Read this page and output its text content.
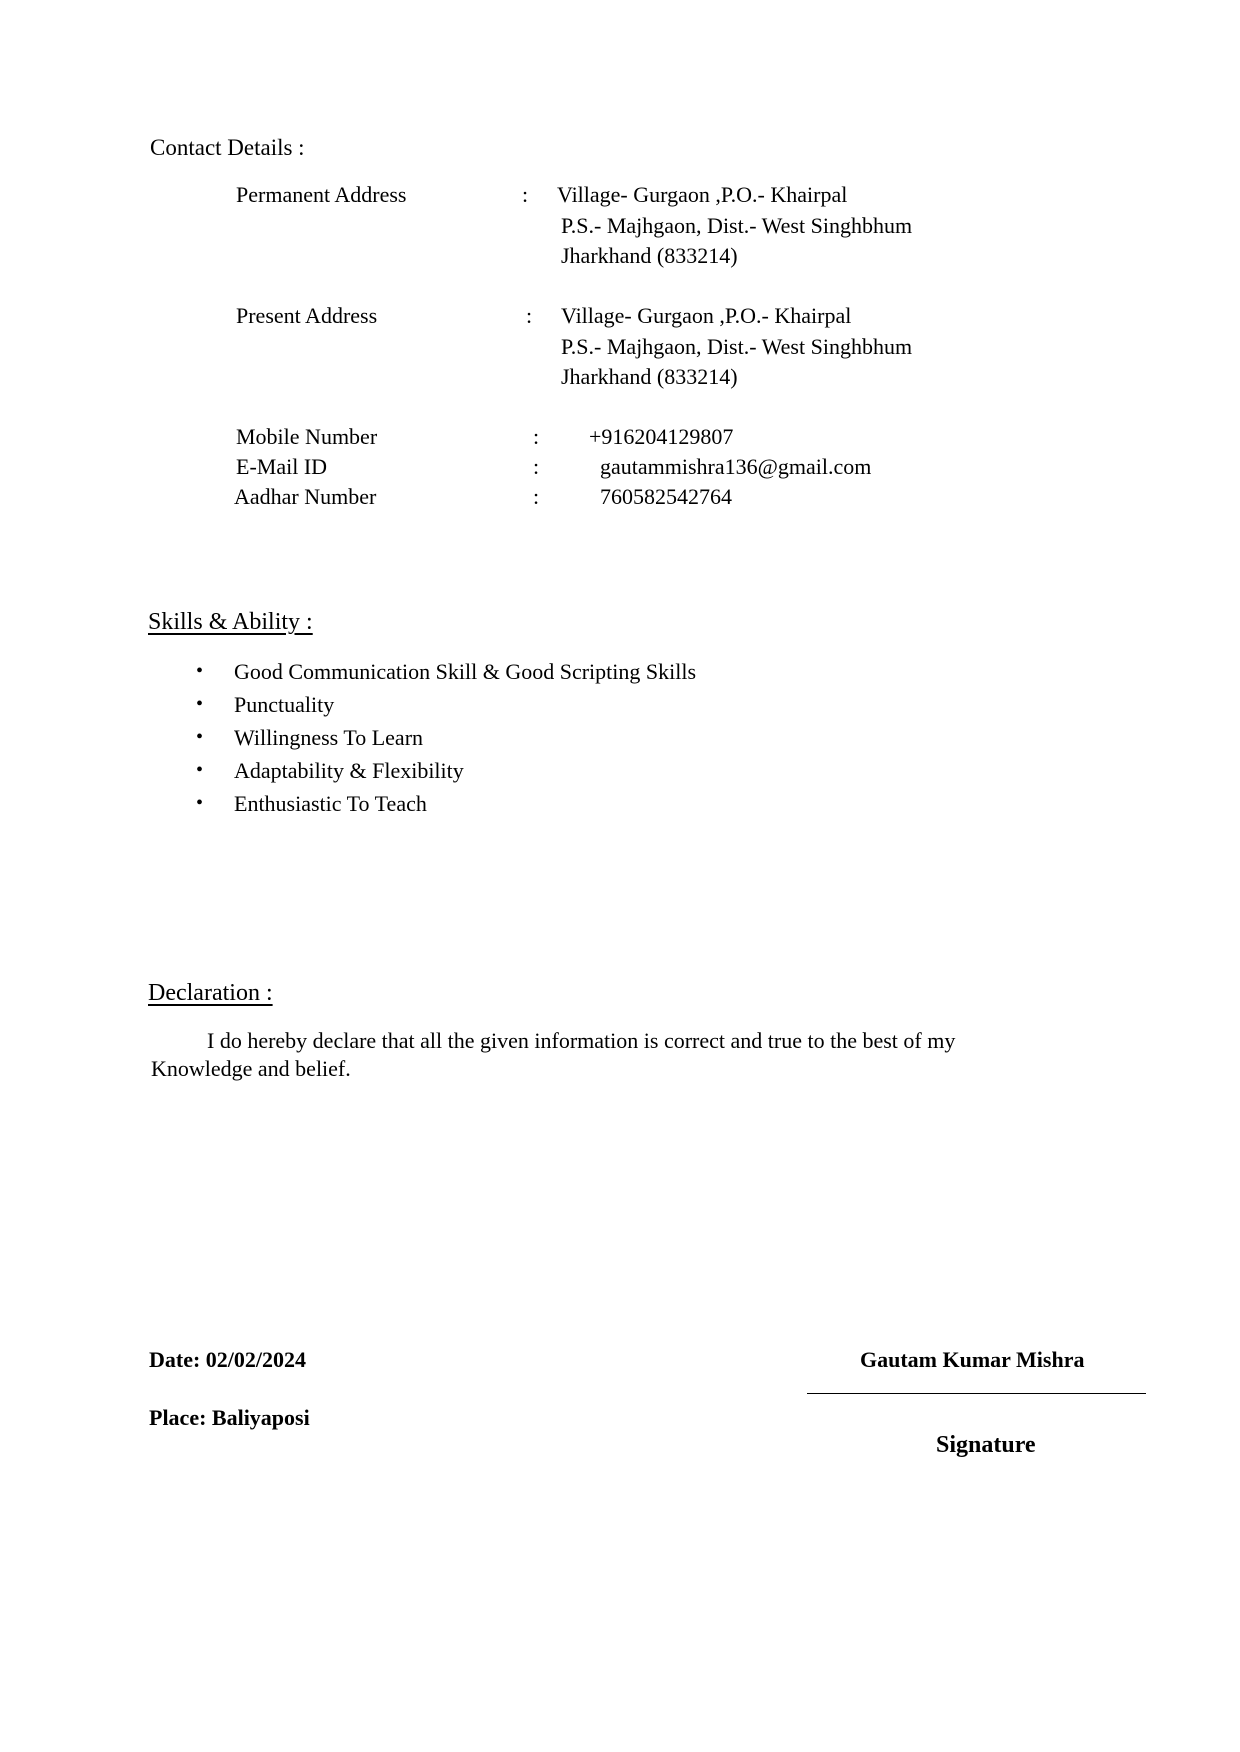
Contact Details :
Permanent Address	: Village- Gurgaon ,P.O.- Khairpal
P.S.- Majhgaon, Dist.- West Singhbhum
Jharkhand (833214)
Present Address	: Village- Gurgaon ,P.O.- Khairpal
P.S.- Majhgaon, Dist.- West Singhbhum
Jharkhand (833214)
Mobile Number	: +916204129807
E-Mail ID	:	gautammishra136@gmail.com
Aadhar Number	:	760582542764
Skills & Ability :
• Good Communication Skill & Good Scripting Skills
• Punctuality
• Willingness To Learn
• Adaptability & Flexibility
• Enthusiastic To Teach
Declaration :
I do hereby declare that all the given information is correct and true to the best of my
Knowledge and belief.
Date: 02/02/2024
Place: Baliyaposi
Gautam Kumar Mishra
Signature
